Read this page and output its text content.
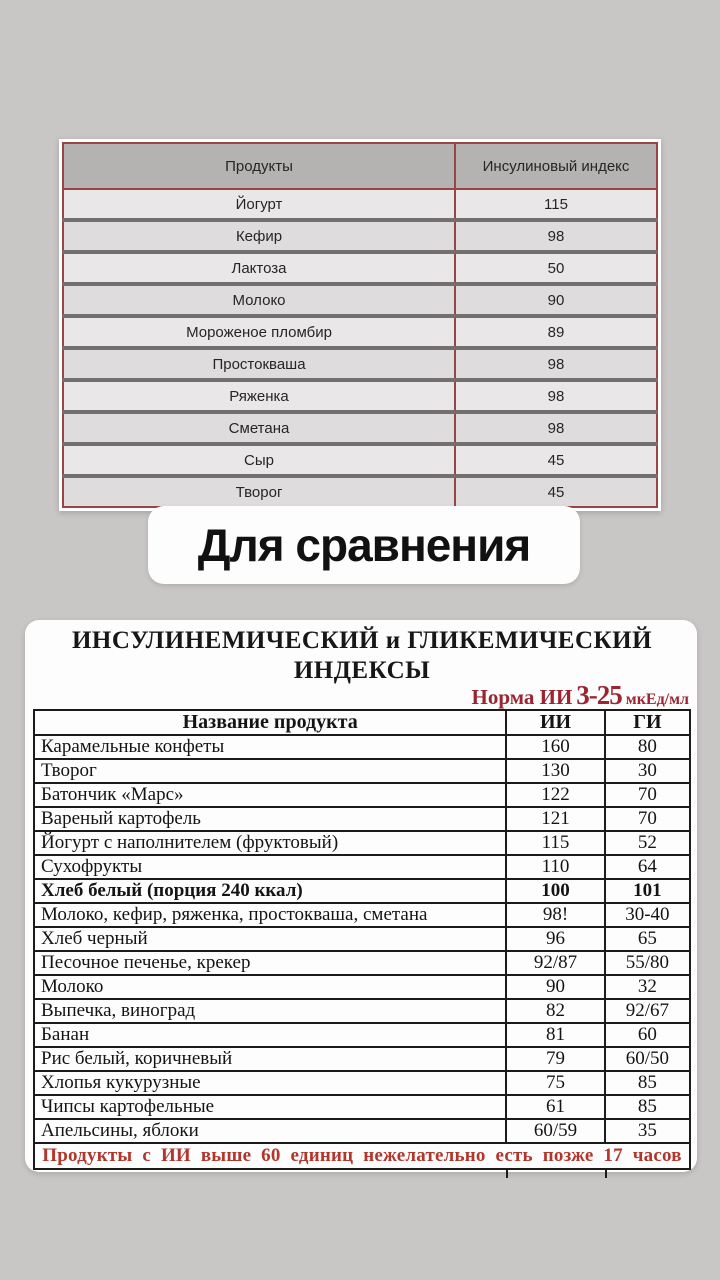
Продукты	Инсулиновый индекс
Йогурт	115
Кефир	98
Лактоза	50
Молоко	90
Мороженое пломбир	89
Простокваша	98
Ряженка	98
Сметана	98
Сыр	45
Творог	45
Для сравнения
ИНСУЛИНЕМИЧЕСКИЙ и ГЛИКЕМИЧЕСКИЙ
ИНДЕКСЫ
Норма ИИ 3-25 мкЕд/мл
Название продукта	ИИ	ГИ
Карамельные конфеты	160	80
Творог	130	30
Батончик «Марс»	122	70
Вареный картофель	121	70
Йогурт с наполнителем (фруктовый)	115	52
Сухофрукты	110	64
Хлеб белый (порция 240 ккал)	100	101
Молоко, кефир, ряженка, простокваша, сметана	98!	30-40
Хлеб черный	96	65
Песочное печенье, крекер	92/87	55/80
Молоко	90	32
Выпечка, виноград	82	92/67
Банан	81	60
Рис белый, коричневый	79	60/50
Хлопья кукурузные	75	85
Чипсы картофельные	61	85
Апельсины, яблоки	60/59	35
Продукты с ИИ выше 60 единиц нежелательно есть позже 17 часов		
